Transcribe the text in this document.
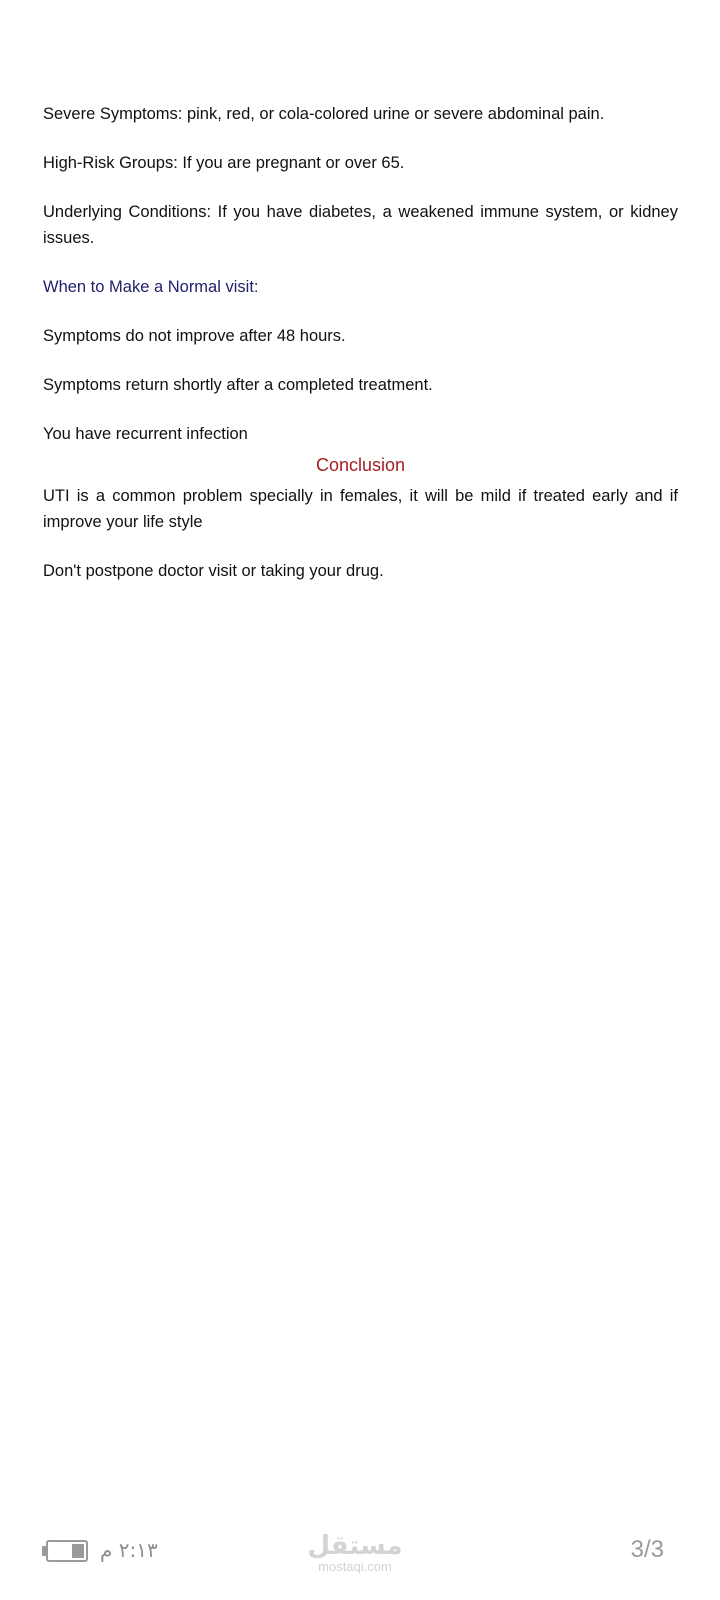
Severe Symptoms: pink, red, or cola-colored urine or severe abdominal pain.

High-Risk Groups: If you are pregnant or over 65.

Underlying Conditions: If you have diabetes, a weakened immune system, or kidney issues.

When to Make a Normal visit:

Symptoms do not improve after 48 hours.

Symptoms return shortly after a completed treatment.

You have recurrent infection

Conclusion

UTI is a common problem specially in females, it will be mild if treated early and if improve your life style

Don't postpone doctor visit or taking your drug.

٢:١٣ م	مستقل
mostaqi.com
3/3
